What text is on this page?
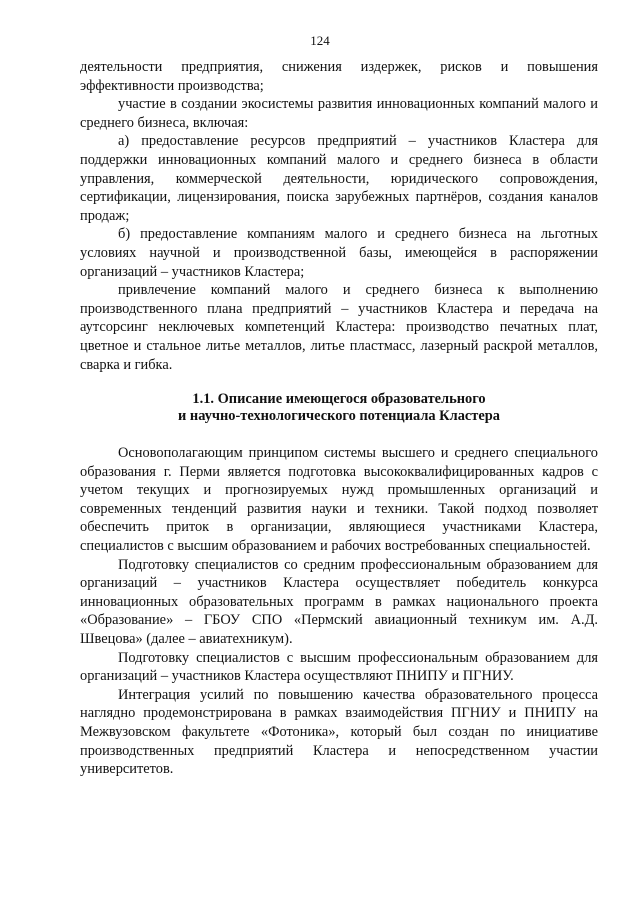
124

деятельности предприятия, снижения издержек, рисков и повышения эффективности производства;

участие в создании экосистемы развития инновационных компаний малого и среднего бизнеса, включая:

а) предоставление ресурсов предприятий – участников Кластера для поддержки инновационных компаний малого и среднего бизнеса в области управления, коммерческой деятельности, юридического сопровождения, сертификации, лицензирования, поиска зарубежных партнёров, создания каналов продаж;

б) предоставление компаниям малого и среднего бизнеса на льготных условиях научной и производственной базы, имеющейся в распоряжении организаций – участников Кластера;

привлечение компаний малого и среднего бизнеса к выполнению производственного плана предприятий – участников Кластера и передача на аутсорсинг неключевых компетенций Кластера: производство печатных плат, цветное и стальное литье металлов, литье пластмасс, лазерный раскрой металлов, сварка и гибка.

1.1. Описание имеющегося образовательного
и научно-технологического потенциала Кластера

Основополагающим принципом системы высшего и среднего специального образования г. Перми является подготовка высококвалифицированных кадров с учетом текущих и прогнозируемых нужд промышленных организаций и современных тенденций развития науки и техники. Такой подход позволяет обеспечить приток в организации, являющиеся участниками Кластера, специалистов с высшим образованием и рабочих востребованных специальностей.

Подготовку специалистов со средним профессиональным образованием для организаций – участников Кластера осуществляет победитель конкурса инновационных образовательных программ в рамках национального проекта «Образование» – ГБОУ СПО «Пермский авиационный техникум им. А.Д. Швецова» (далее – авиатехникум).

Подготовку специалистов с высшим профессиональным образованием для организаций – участников Кластера осуществляют ПНИПУ и ПГНИУ.

Интеграция усилий по повышению качества образовательного процесса наглядно продемонстрирована в рамках взаимодействия ПГНИУ и ПНИПУ на Межвузовском факультете «Фотоника», который был создан по инициативе производственных предприятий Кластера и непосредственном участии университетов.
